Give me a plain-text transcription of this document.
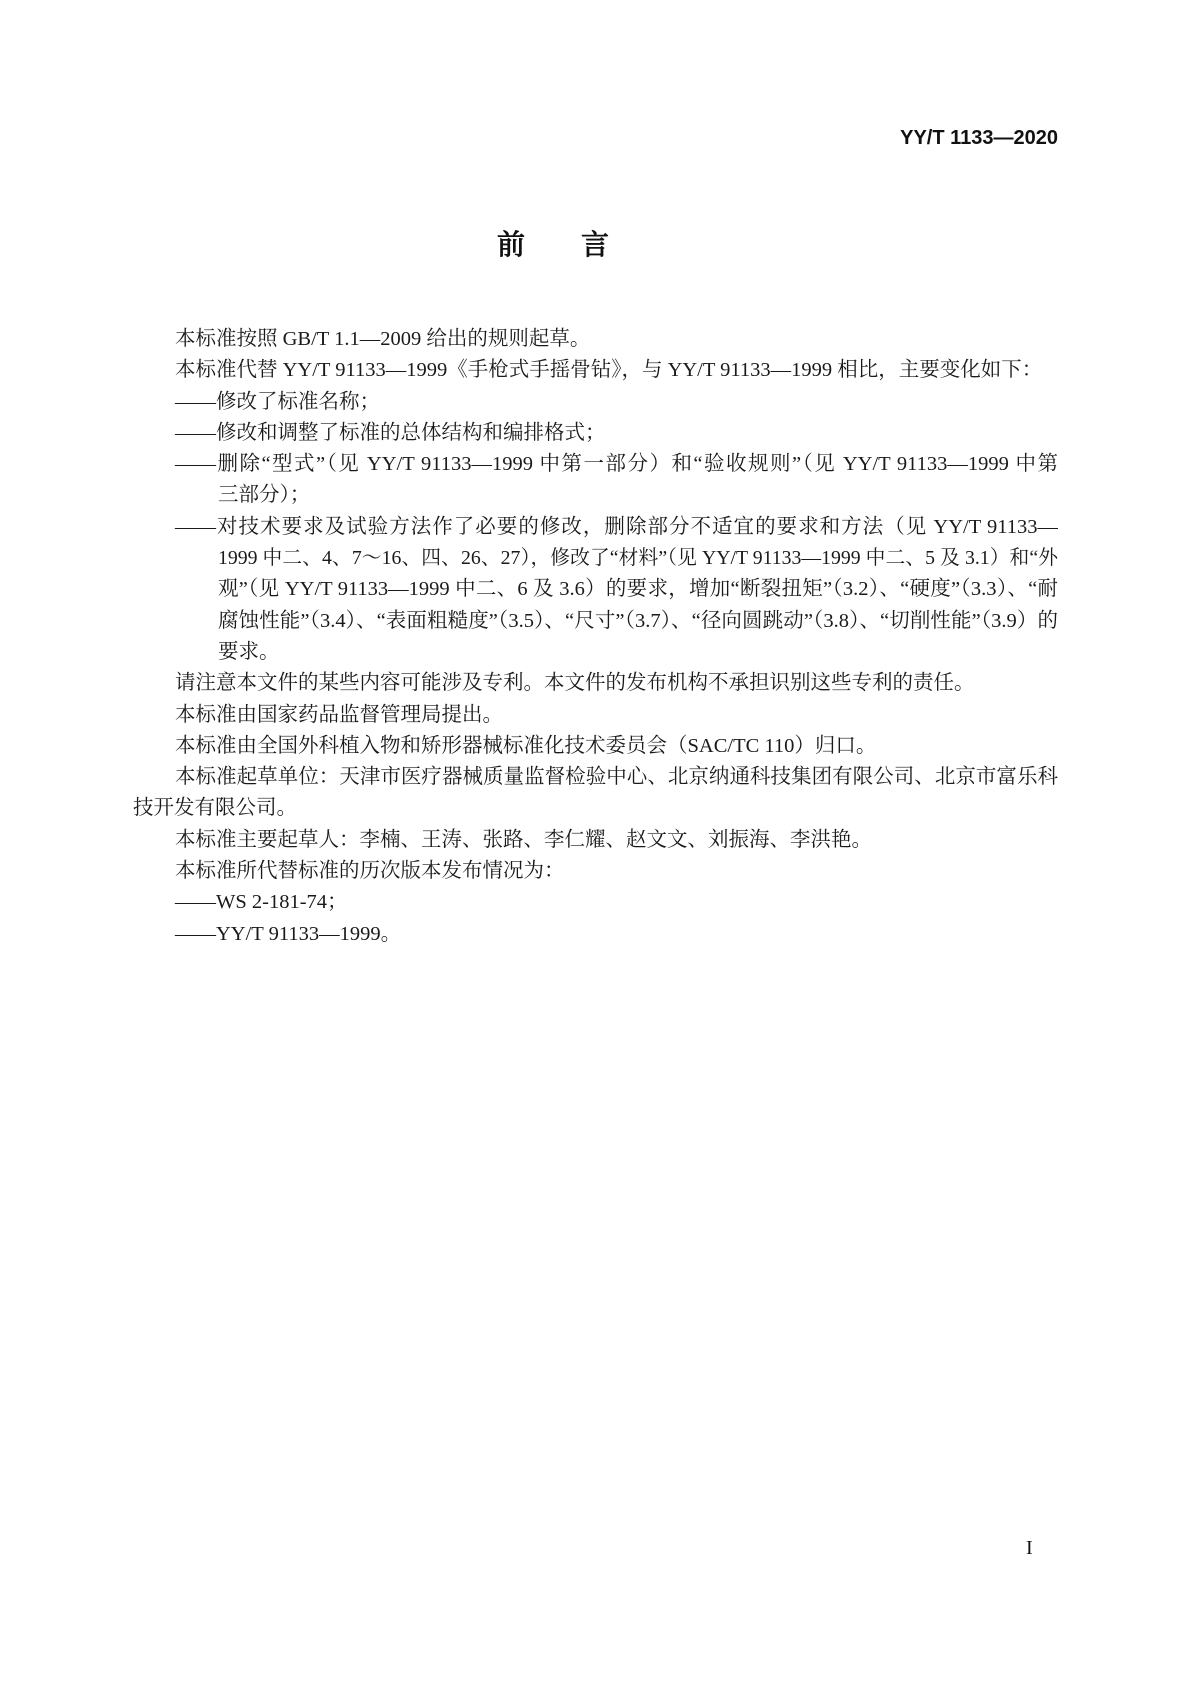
YY/T 1133—2020
前　　言
本标准按照 GB/T 1.1—2009 给出的规则起草。
本标准代替 YY/T 91133—1999《手枪式手摇骨钻》，与 YY/T 91133—1999 相比，主要变化如下：
——修改了标准名称；
——修改和调整了标准的总体结构和编排格式；
——删除“型式”（见 YY/T 91133—1999 中第一部分）和“验收规则”（见 YY/T 91133—1999 中第
三部分）；
——对技术要求及试验方法作了必要的修改，删除部分不适宜的要求和方法（见 YY/T 91133—
1999 中二、4、7～16、四、26、27），修改了“材料”（见 YY/T 91133—1999 中二、5 及 3.1）和“外
观”（见 YY/T 91133—1999 中二、6 及 3.6）的要求，增加“断裂扭矩”（3.2）、“硬度”（3.3）、“耐
腐蚀性能”（3.4）、“表面粗糙度”（3.5）、“尺寸”（3.7）、“径向圆跳动”（3.8）、“切削性能”（3.9）的
要求。
请注意本文件的某些内容可能涉及专利。本文件的发布机构不承担识别这些专利的责任。
本标准由国家药品监督管理局提出。
本标准由全国外科植入物和矫形器械标准化技术委员会（SAC/TC 110）归口。
本标准起草单位：天津市医疗器械质量监督检验中心、北京纳通科技集团有限公司、北京市富乐科
技开发有限公司。
本标准主要起草人：李楠、王涛、张路、李仁耀、赵文文、刘振海、李洪艳。
本标准所代替标准的历次版本发布情况为：
——WS 2-181-74；
——YY/T 91133—1999。
I
